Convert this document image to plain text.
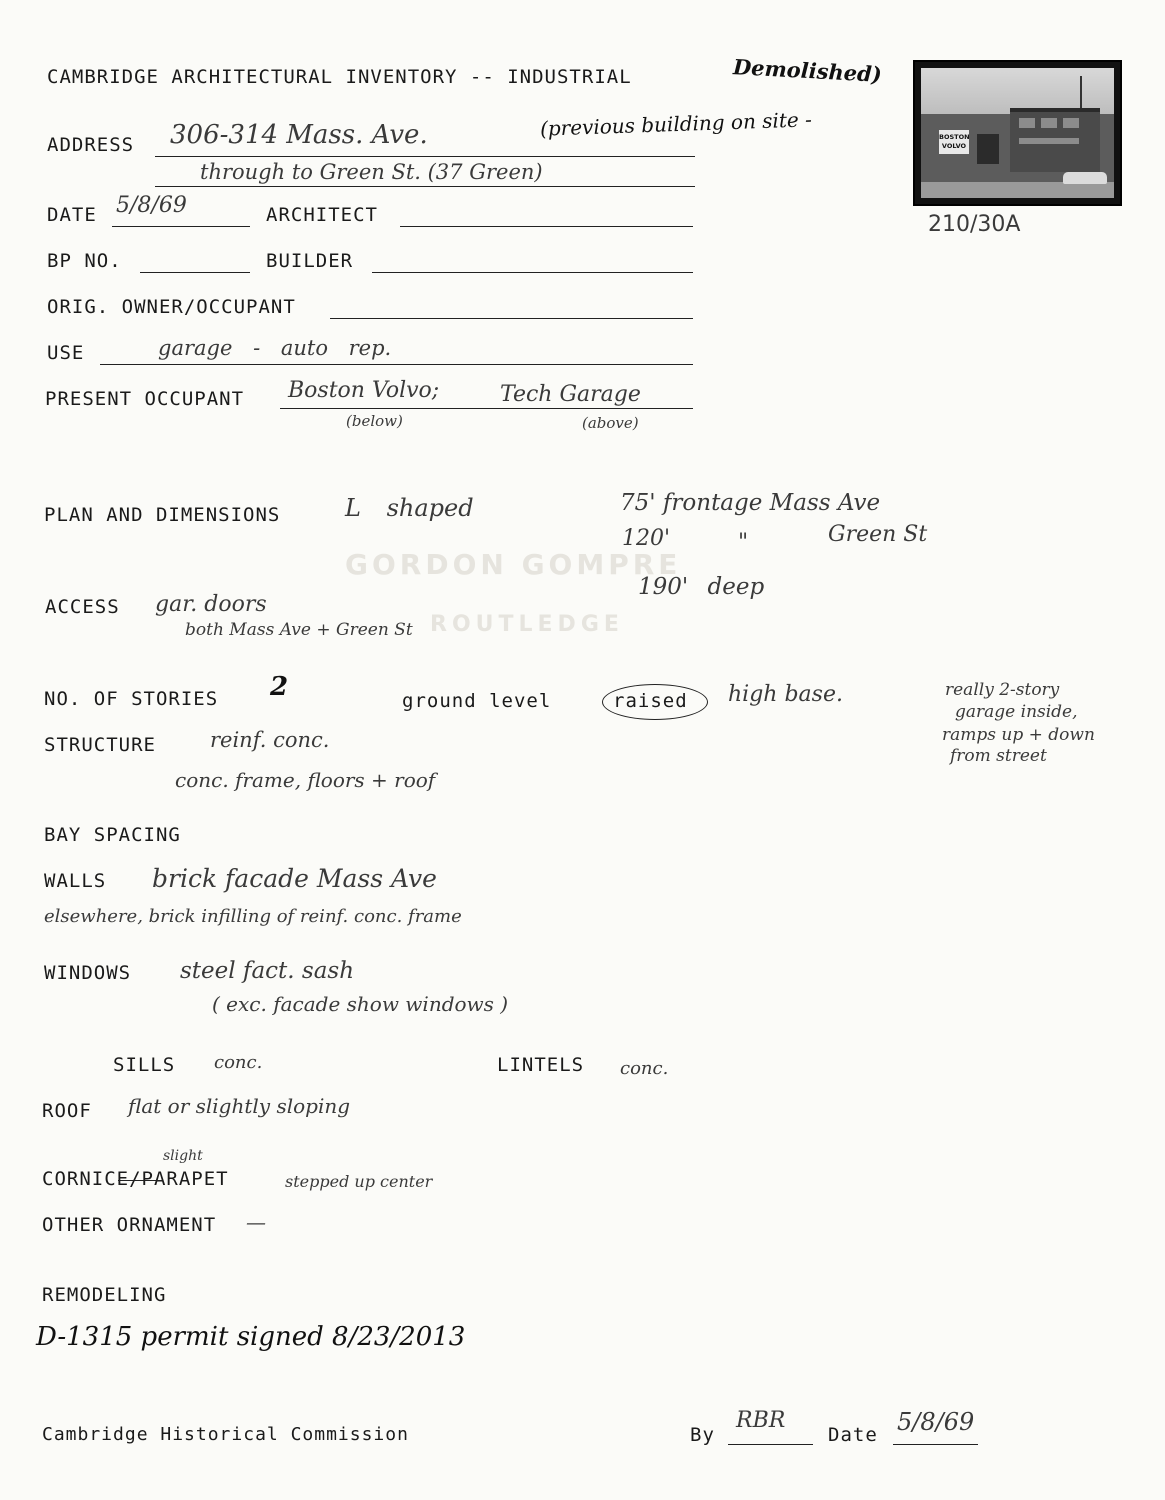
GORDON GOMPRE
ROUTLEDGE
CAMBRIDGE ARCHITECTURAL INVENTORY -- INDUSTRIAL	Demolished)
BOSTON VOLVO
210/30A
ADDRESS 306-314 Mass. Ave.	(previous building on site -
through to Green St. (37 Green)
DATE 5/8/69	ARCHITECT
BP NO.	BUILDER
ORIG. OWNER/OCCUPANT
USE	garage - auto rep.
PRESENT OCCUPANT Boston Volvo;	Tech Garage
(below)	(above)
PLAN AND DIMENSIONS	L shaped	75' frontage Mass Ave
120'	"	Green St
190' deep
ACCESS gar. doors
both Mass Ave + Green St
NO. OF STORIES 2	ground level	raised high base.	really 2-story
garage inside,
ramps up + down
from street
STRUCTURE	reinf. conc.
conc. frame, floors + roof
BAY SPACING
WALLS brick facade Mass Ave
elsewhere, brick infilling of reinf. conc. frame
WINDOWS steel fact. sash
( exc. facade show windows )
SILLS conc.	LINTELS conc.
ROOF flat or slightly sloping
slight
CORNICE/PARAPET	stepped up center
OTHER ORNAMENT —
REMODELING
D-1315 permit signed 8/23/2013
Cambridge Historical Commission	By
RBR
Date 5/8/69
